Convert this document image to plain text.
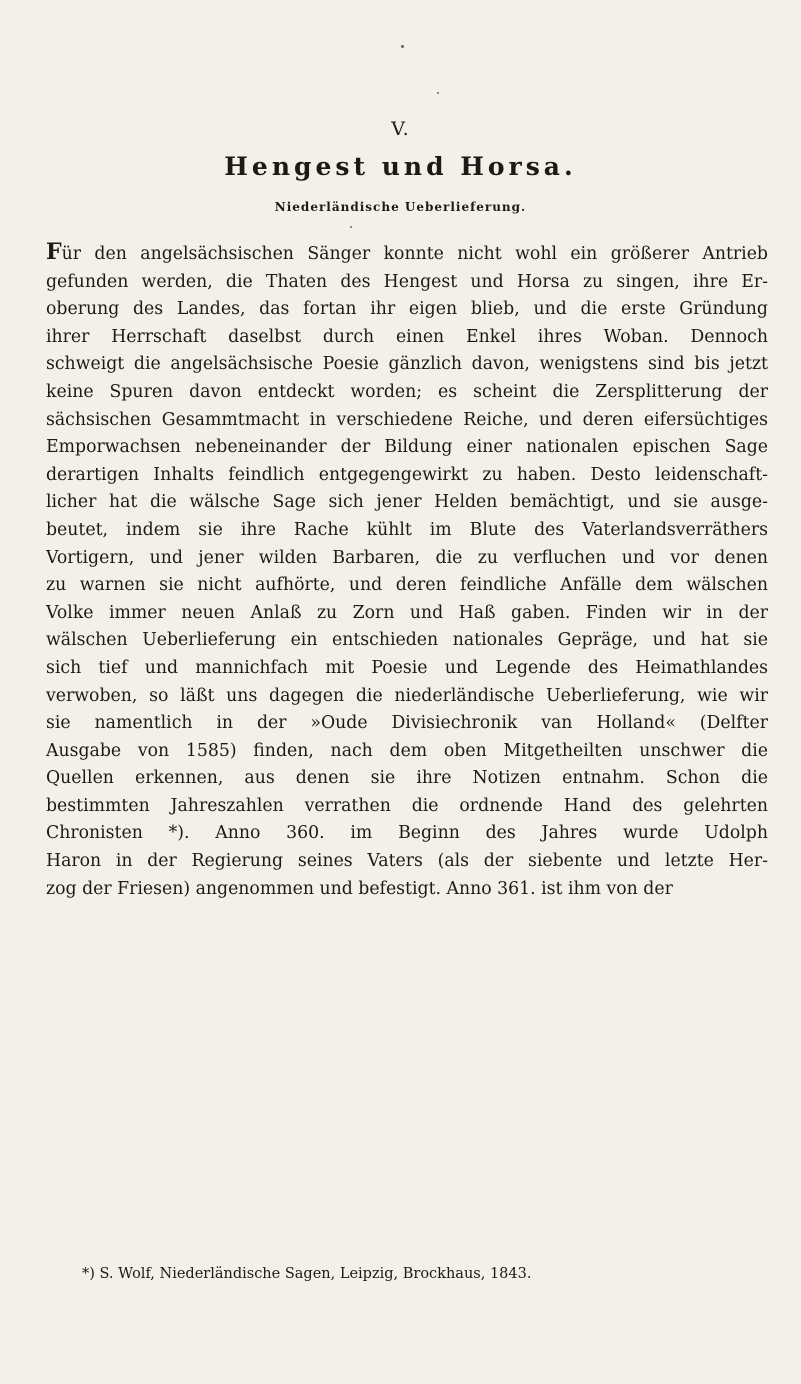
V.
Hengest und Horsa.
Niederländische Ueberlieferung.
Für den angelsächsischen Sänger konnte nicht wohl ein größerer Antrieb
gefunden werden, die Thaten des Hengest und Horsa zu singen, ihre Er-
oberung des Landes, das fortan ihr eigen blieb, und die erste Gründung
ihrer Herrschaft daselbst durch einen Enkel ihres Woban. Dennoch
schweigt die angelsächsische Poesie gänzlich davon, wenigstens sind bis jetzt
keine Spuren davon entdeckt worden; es scheint die Zersplitterung der
sächsischen Gesammtmacht in verschiedene Reiche, und deren eifersüchtiges
Emporwachsen nebeneinander der Bildung einer nationalen epischen Sage
derartigen Inhalts feindlich entgegengewirkt zu haben. Desto leidenschaft-
licher hat die wälsche Sage sich jener Helden bemächtigt, und sie ausge-
beutet, indem sie ihre Rache kühlt im Blute des Vaterlandsverräthers
Vortigern, und jener wilden Barbaren, die zu verfluchen und vor denen
zu warnen sie nicht aufhörte, und deren feindliche Anfälle dem wälschen
Volke immer neuen Anlaß zu Zorn und Haß gaben. Finden wir in der
wälschen Ueberlieferung ein entschieden nationales Gepräge, und hat sie
sich tief und mannichfach mit Poesie und Legende des Heimathlandes
verwoben, so läßt uns dagegen die niederländische Ueberlieferung, wie wir
sie namentlich in der »Oude Divisiechronik van Holland« (Delfter
Ausgabe von 1585) finden, nach dem oben Mitgetheilten unschwer die
Quellen erkennen, aus denen sie ihre Notizen entnahm. Schon die
bestimmten Jahreszahlen verrathen die ordnende Hand des gelehrten
Chronisten *). Anno 360. im Beginn des Jahres wurde Udolph
Haron in der Regierung seines Vaters (als der siebente und letzte Her-
zog der Friesen) angenommen und befestigt. Anno 361. ist ihm von der
*) S. Wolf, Niederländische Sagen, Leipzig, Brockhaus, 1843.
